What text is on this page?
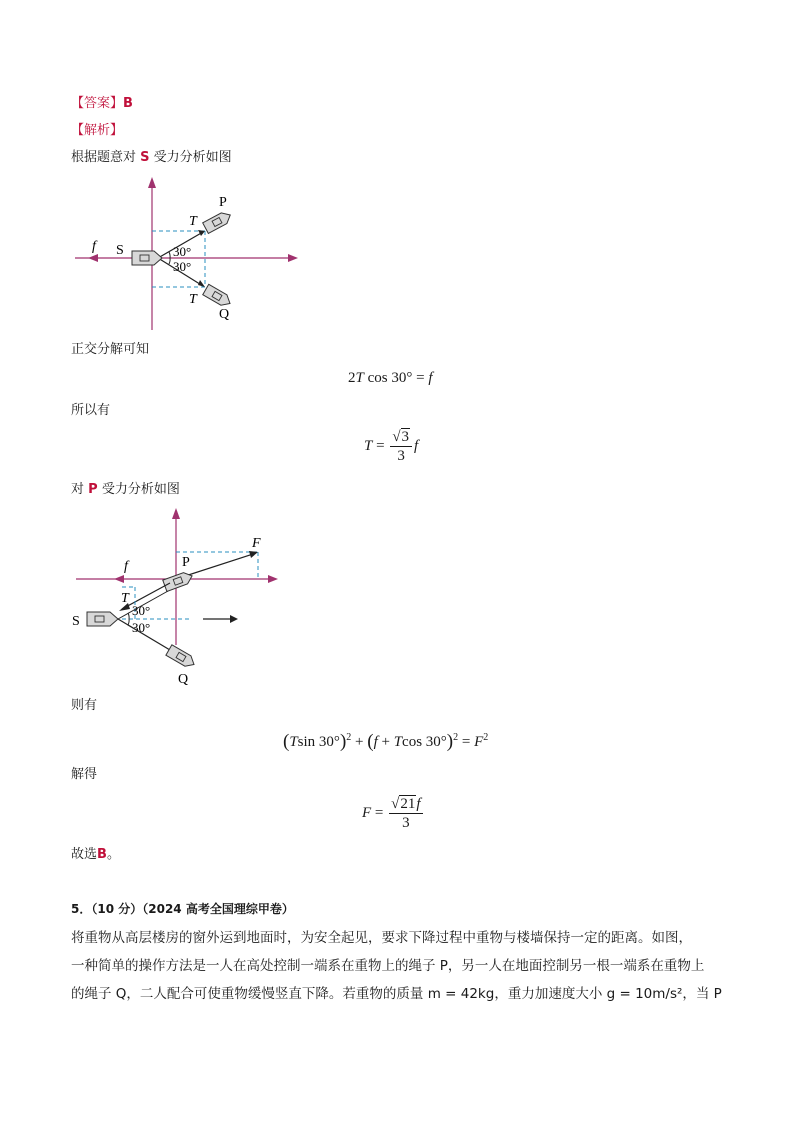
【答案】B
【解析】
根据题意对 S 受力分析如图
f S
P
Q
T
T
30°
30°
正交分解可知
2T cos 30° = f
所以有
$T = \frac{√3}{3}$ f
对 P 受力分析如图
f
F
P
T
S
30°
30°
Q
则有
(Tsin 30°)$^2$ + (f + Tcos $30^\circ)^2 = F^2$
解得
$F = \frac{√21f}{3}$
故选B。
5．（10 分）（2024 高考全国理综甲卷）
将重物从高层楼房的窗外运到地面时，为安全起见，要求下降过程中重物与楼墙保持一定的距离。如图，
一种简单的操作方法是一人在高处控制一端系在重物上的绳子 P，另一人在地面控制另一根一端系在重物上
的绳子 Q，二人配合可使重物缓慢竖直下降。若重物的质量 m = 42kg，重力加速度大小 g = 10m/s²，当 P
